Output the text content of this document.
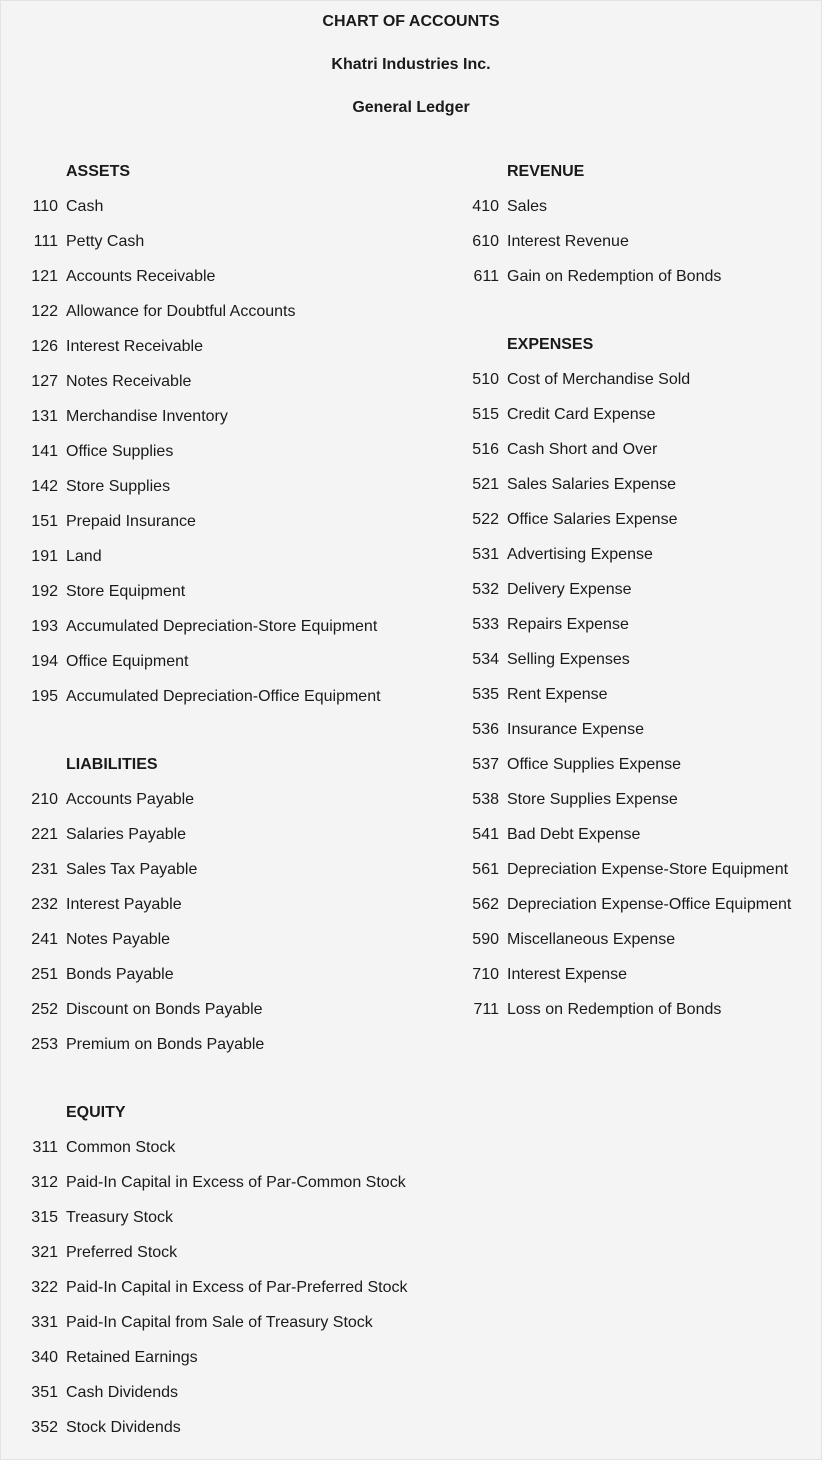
CHART OF ACCOUNTS
Khatri Industries Inc.
General Ledger
ASSETS
110 Cash
111 Petty Cash
121 Accounts Receivable
122 Allowance for Doubtful Accounts
126 Interest Receivable
127 Notes Receivable
131 Merchandise Inventory
141 Office Supplies
142 Store Supplies
151 Prepaid Insurance
191 Land
192 Store Equipment
193 Accumulated Depreciation-Store Equipment
194 Office Equipment
195 Accumulated Depreciation-Office Equipment
LIABILITIES
210 Accounts Payable
221 Salaries Payable
231 Sales Tax Payable
232 Interest Payable
241 Notes Payable
251 Bonds Payable
252 Discount on Bonds Payable
253 Premium on Bonds Payable
EQUITY
311 Common Stock
312 Paid-In Capital in Excess of Par-Common Stock
315 Treasury Stock
321 Preferred Stock
322 Paid-In Capital in Excess of Par-Preferred Stock
331 Paid-In Capital from Sale of Treasury Stock
340 Retained Earnings
351 Cash Dividends
352 Stock Dividends
REVENUE
410 Sales
610 Interest Revenue
611 Gain on Redemption of Bonds
EXPENSES
510 Cost of Merchandise Sold
515 Credit Card Expense
516 Cash Short and Over
521 Sales Salaries Expense
522 Office Salaries Expense
531 Advertising Expense
532 Delivery Expense
533 Repairs Expense
534 Selling Expenses
535 Rent Expense
536 Insurance Expense
537 Office Supplies Expense
538 Store Supplies Expense
541 Bad Debt Expense
561 Depreciation Expense-Store Equipment
562 Depreciation Expense-Office Equipment
590 Miscellaneous Expense
710 Interest Expense
711 Loss on Redemption of Bonds
